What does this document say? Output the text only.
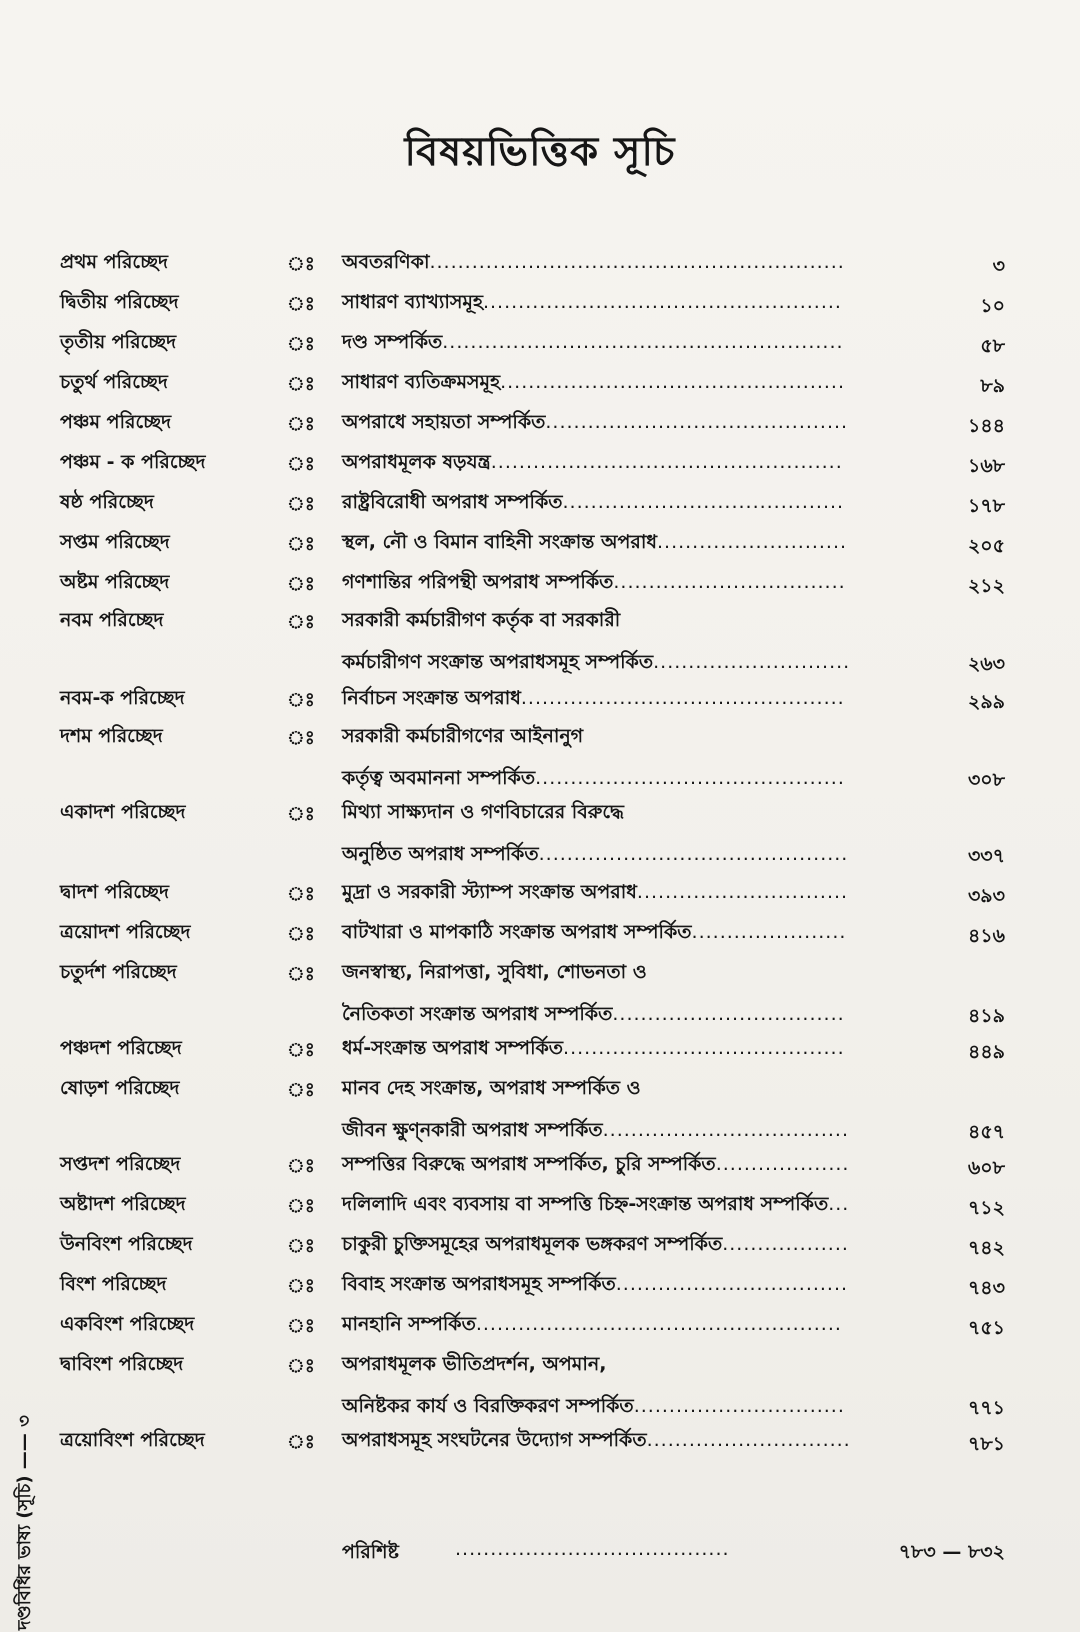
বিষয়ভিত্তিক সূচি
প্রথম পরিচ্ছেদ	ঃ অবতরণিকা...........................................................	৩
দ্বিতীয় পরিচ্ছেদ	ঃ সাধারণ ব্যাখ্যাসমূহ...................................................	১০
তৃতীয় পরিচ্ছেদ	ঃ দণ্ড সম্পর্কিত.........................................................	৫৮
চতুর্থ পরিচ্ছেদ	ঃ সাধারণ ব্যতিক্রমসমূহ.................................................	৮৯
পঞ্চম পরিচ্ছেদ	ঃ অপরাধে সহায়তা সম্পর্কিত...........................................	১৪৪
পঞ্চম - ক পরিচ্ছেদ	ঃ অপরাধমূলক ষড়যন্ত্র..................................................	১৬৮
ষষ্ঠ পরিচ্ছেদ	ঃ রাষ্ট্রবিরোধী অপরাধ সম্পর্কিত........................................	১৭৮
সপ্তম পরিচ্ছেদ	ঃ স্থল, নৌ ও বিমান বাহিনী সংক্রান্ত অপরাধ...........................	২০৫
অষ্টম পরিচ্ছেদ	ঃ গণশান্তির পরিপন্থী অপরাধ সম্পর্কিত.................................	২১২
নবম পরিচ্ছেদ	ঃ সরকারী কর্মচারীগণ কর্তৃক বা সরকারী
কর্মচারীগণ সংক্রান্ত অপরাধসমূহ সম্পর্কিত............................	২৬৩
নবম-ক পরিচ্ছেদ	ঃ নির্বাচন সংক্রান্ত অপরাধ..............................................	২৯৯
দশম পরিচ্ছেদ	ঃ সরকারী কর্মচারীগণের আইনানুগ
কর্তৃত্ব অবমাননা সম্পর্কিত............................................	৩০৮
একাদশ পরিচ্ছেদ	ঃ মিথ্যা সাক্ষ্যদান ও গণবিচারের বিরুদ্ধে
অনুষ্ঠিত অপরাধ সম্পর্কিত............................................	৩৩৭
দ্বাদশ পরিচ্ছেদ	ঃ মুদ্রা ও সরকারী স্ট্যাম্প সংক্রান্ত অপরাধ..............................	৩৯৩
ত্রয়োদশ পরিচ্ছেদ	ঃ বাটখারা ও মাপকাঠি সংক্রান্ত অপরাধ সম্পর্কিত......................	৪১৬
চতুর্দশ পরিচ্ছেদ	ঃ জনস্বাস্থ্য, নিরাপত্তা, সুবিধা, শোভনতা ও
নৈতিকতা সংক্রান্ত অপরাধ সম্পর্কিত.................................	৪১৯
পঞ্চদশ পরিচ্ছেদ	ঃ ধর্ম-সংক্রান্ত অপরাধ সম্পর্কিত........................................	৪৪৯
ষোড়শ পরিচ্ছেদ	ঃ মানব দেহ সংক্রান্ত, অপরাধ সম্পর্কিত ও
জীবন ক্ষুণ্নকারী অপরাধ সম্পর্কিত...................................	৪৫৭
সপ্তদশ পরিচ্ছেদ	ঃ সম্পত্তির বিরুদ্ধে অপরাধ সম্পর্কিত, চুরি সম্পর্কিত...................	৬০৮
অষ্টাদশ পরিচ্ছেদ	ঃ দলিলাদি এবং ব্যবসায় বা সম্পত্তি চিহ্ন-সংক্রান্ত অপরাধ সম্পর্কিত...	৭১২
উনবিংশ পরিচ্ছেদ	ঃ চাকুরী চুক্তিসমূহের অপরাধমূলক ভঙ্গকরণ সম্পর্কিত..................	৭৪২
বিংশ পরিচ্ছেদ	ঃ বিবাহ সংক্রান্ত অপরাধসমূহ সম্পর্কিত.................................	৭৪৩
একবিংশ পরিচ্ছেদ	ঃ মানহানি সম্পর্কিত....................................................	৭৫১
দ্বাবিংশ পরিচ্ছেদ	ঃ অপরাধমূলক ভীতিপ্রদর্শন, অপমান,
অনিষ্টকর কার্য ও বিরক্তিকরণ সম্পর্কিত..............................	৭৭১
ত্রয়োবিংশ পরিচ্ছেদ	ঃ অপরাধসমূহ সংঘটনের উদ্যোগ সম্পর্কিত.............................	৭৮১
পরিশিষ্ট	.......................................	৭৮৩ — ৮৩২
দণ্ডবিধির ভাষ্য (সূচি) —— ৩
